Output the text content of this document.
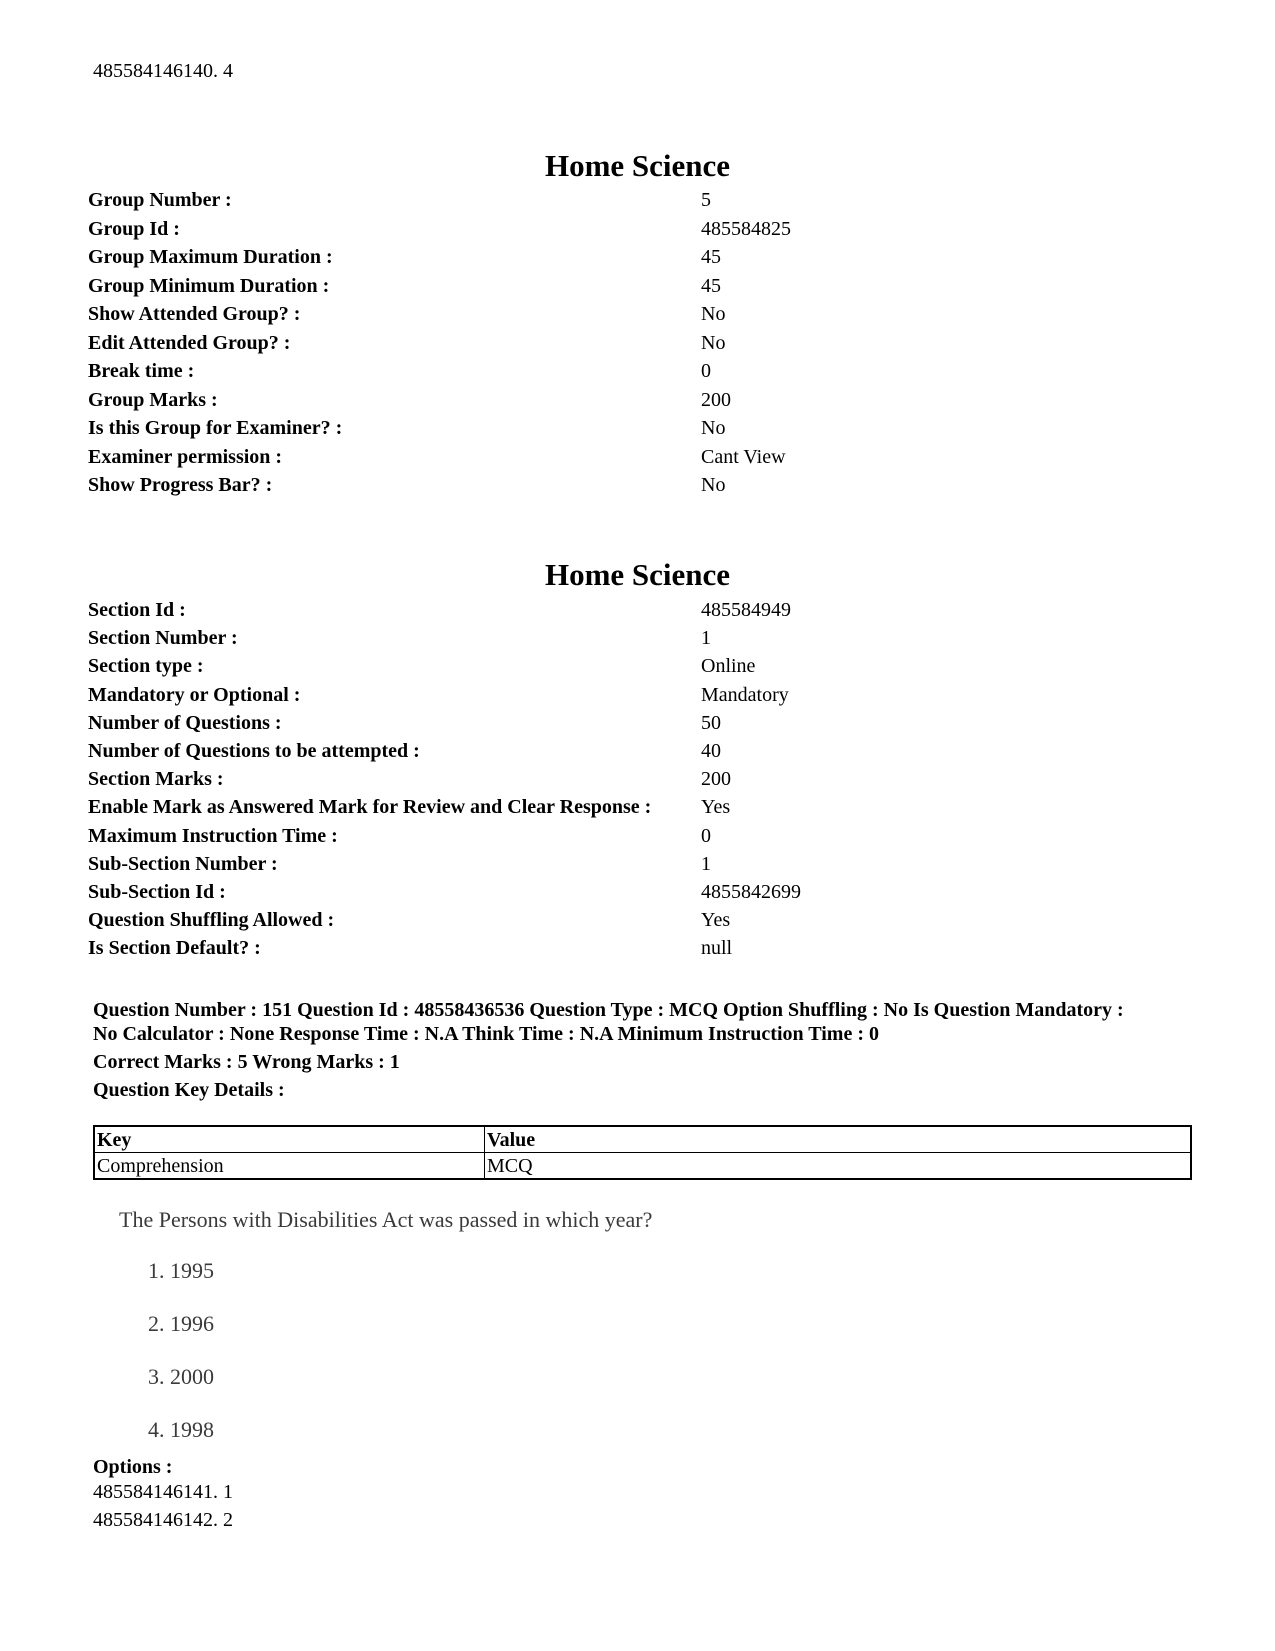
485584146140. 4
Home Science
Group Number :	5
Group Id :	485584825
Group Maximum Duration :	45
Group Minimum Duration :	45
Show Attended Group? :	No
Edit Attended Group? :	No
Break time :	0
Group Marks :	200
Is this Group for Examiner? :	No
Examiner permission :	Cant View
Show Progress Bar? :	No
Home Science
Section Id :	485584949
Section Number :	1
Section type :	Online
Mandatory or Optional :	Mandatory
Number of Questions :	50
Number of Questions to be attempted :	40
Section Marks :	200
Enable Mark as Answered Mark for Review and Clear Response : Yes
Maximum Instruction Time :	0
Sub-Section Number :	1
Sub-Section Id :	4855842699
Question Shuffling Allowed :	Yes
Is Section Default? :	null
Question Number : 151 Question Id : 48558436536 Question Type : MCQ Option Shuffling : No Is Question Mandatory :
No Calculator : None Response Time : N.A Think Time : N.A Minimum Instruction Time : 0
Correct Marks : 5 Wrong Marks : 1
Question Key Details :
Key	Value
Comprehension	MCQ
The Persons with Disabilities Act was passed in which year?
1. 1995
2. 1996
3. 2000
4. 1998
Options :
485584146141. 1
485584146142. 2
